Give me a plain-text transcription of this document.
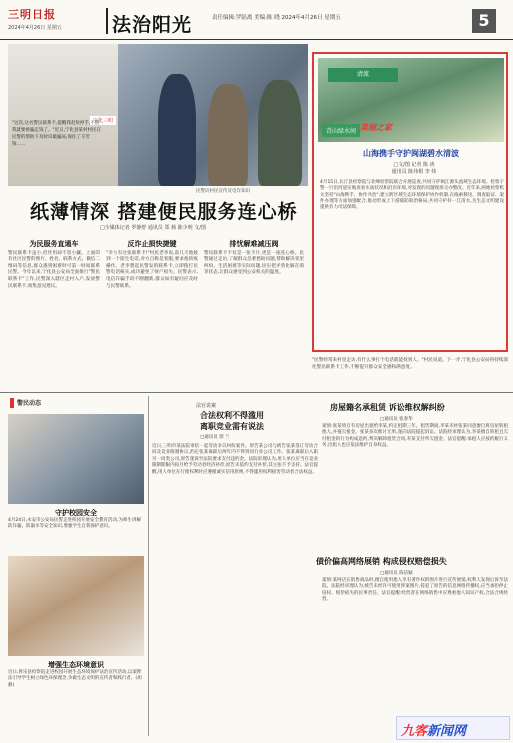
三明日报
2024年4月26日 星期五	法治阳光	责任编辑:罗陆离 美编:陈 晓 2024年4月26日 星期五	5
宁化三明
"这次,这名警民联系卡,提醒我赶快停手,不然我就要被骗走钱了。"近日,宁化县某村村民在民警的帮助下及时识破骗局,保住了辛苦钱……
民警向村民宣传反电诈知识
清流
青山绿水间 美丽之家
山海携手守护闽湖碧水清波
□文/图 记者 陈 涛
通讯员 陈伟根 李 炜
4月15日,长汀县检察院与北峰检察院联合开展巡查,共同守护闽江源头流域生态环境。检察干警一行沿河道实地查看水质状况和沿岸环境,对发现的问题现场交办整改。近年来,两地检察机关坚持"山海携手、协作共治",建立跨区域生态环境保护协作机制,在线索移送、调查取证、案件办理等方面加强配合,推动形成上下游联防联治格局,共同守护好一江清水,为生态文明建设提供有力司法保障。
纸薄情深 搭建便民服务连心桥
□全媒体记者 罗静舒 通讯员 郑 杨 陈少明 文/图
为民服务直通车
警民联系卡虽小,但作用却不容小觑。上面印有社区民警的照片、姓名、联系方式、微信二维码等信息,群众遇到困难时可第一时间联系民警。今年以来,宁化县公安局全面推行"警民联系卡"工作,民警深入辖区走村入户,发放警民联系卡,收集意见建议。
反诈止损快捷键
"幸亏有这张联系卡!"村民老李说,前几天他接到一个陌生电话,对方自称是客服,要求他转账操作。老李想起民警发的联系卡,立即拨打民警电话核实,成功避免了财产损失。民警表示,电信诈骗手段不断翻新,群众如有疑问应及时与民警联系。
排忧解难减压阀
警民联系卡不仅是一张卡片,更是一座连心桥。民警通过走访,了解群众急难愁盼问题,帮助解决邻里纠纷、生活困难等实际问题,切实把矛盾化解在萌芽状态,让群众感受到公安机关的温度。
"民警经常来村里走访,有什么事打个电话就能找到人。"村民说道。下一步,宁化县公安局将持续深化警民联系卡工作,不断提升群众安全感和满意度。
警民动态
守护校园安全
4月24日,永安市公安局民警走进校园开展安全教育活动,为师生讲解防诈骗、防溺水等安全知识,增强学生自我保护意识。
增强生态环境意识
近日,将乐县检察院走进校园开展生态环境保护法治宣传活动,以案释法引导学生树立绿色环保理念,争做生态文明的宣传者和践行者。(胡 静)
法官说案
合法权利不得滥用
离职竞业需有说法
□通讯员 郭 兰
近日,三明市某法院审结一起劳动争议纠纷案件。原告某公司与被告张某签订劳动合同及竞业限制协议,约定张某离职后两年内不得到同行业公司工作。张某离职后入职另一同类公司,原告遂诉至法院要求支付违约金。法院审理认为,用人单位应当在竞业限制期限内按月给予劳动者经济补偿,原告未依约支付补偿,其主张不予支持。法官提醒,用人单位在行使权利时应遵循诚实信用原则,不得滥用权利损害劳动者合法权益。
房屋籍名承租赁 诉讼维权解纠纷
□通讯员 张春华
案情:张某将自有房屋出租给李某,约定租期三年。租赁期间,李某未经张某同意擅自将房屋转租他人,并拖欠租金。张某多次催讨无果,遂向法院提起诉讼。法院经审理认为,李某擅自转租且欠付租金的行为构成违约,判决解除租赁合同,李某支付所欠租金。法官提醒:承租人应按约履行义务,出租人也应依法维护自身权益。
债价偏高网络展销 构成侵权赔偿损失
□通讯员 陈洁颖
案情:某网店在销售商品时,擅自使用他人享有著作权的图片进行宣传展销,权利人发现后诉至法院。法院经审理认为,被告未经许可使用涉案图片,侵犯了原告的信息网络传播权,应当承担停止侵权、赔偿损失的民事责任。法官提醒:经营者在网络销售中应尊重他人知识产权,合法合规经营。
九客新闻网
